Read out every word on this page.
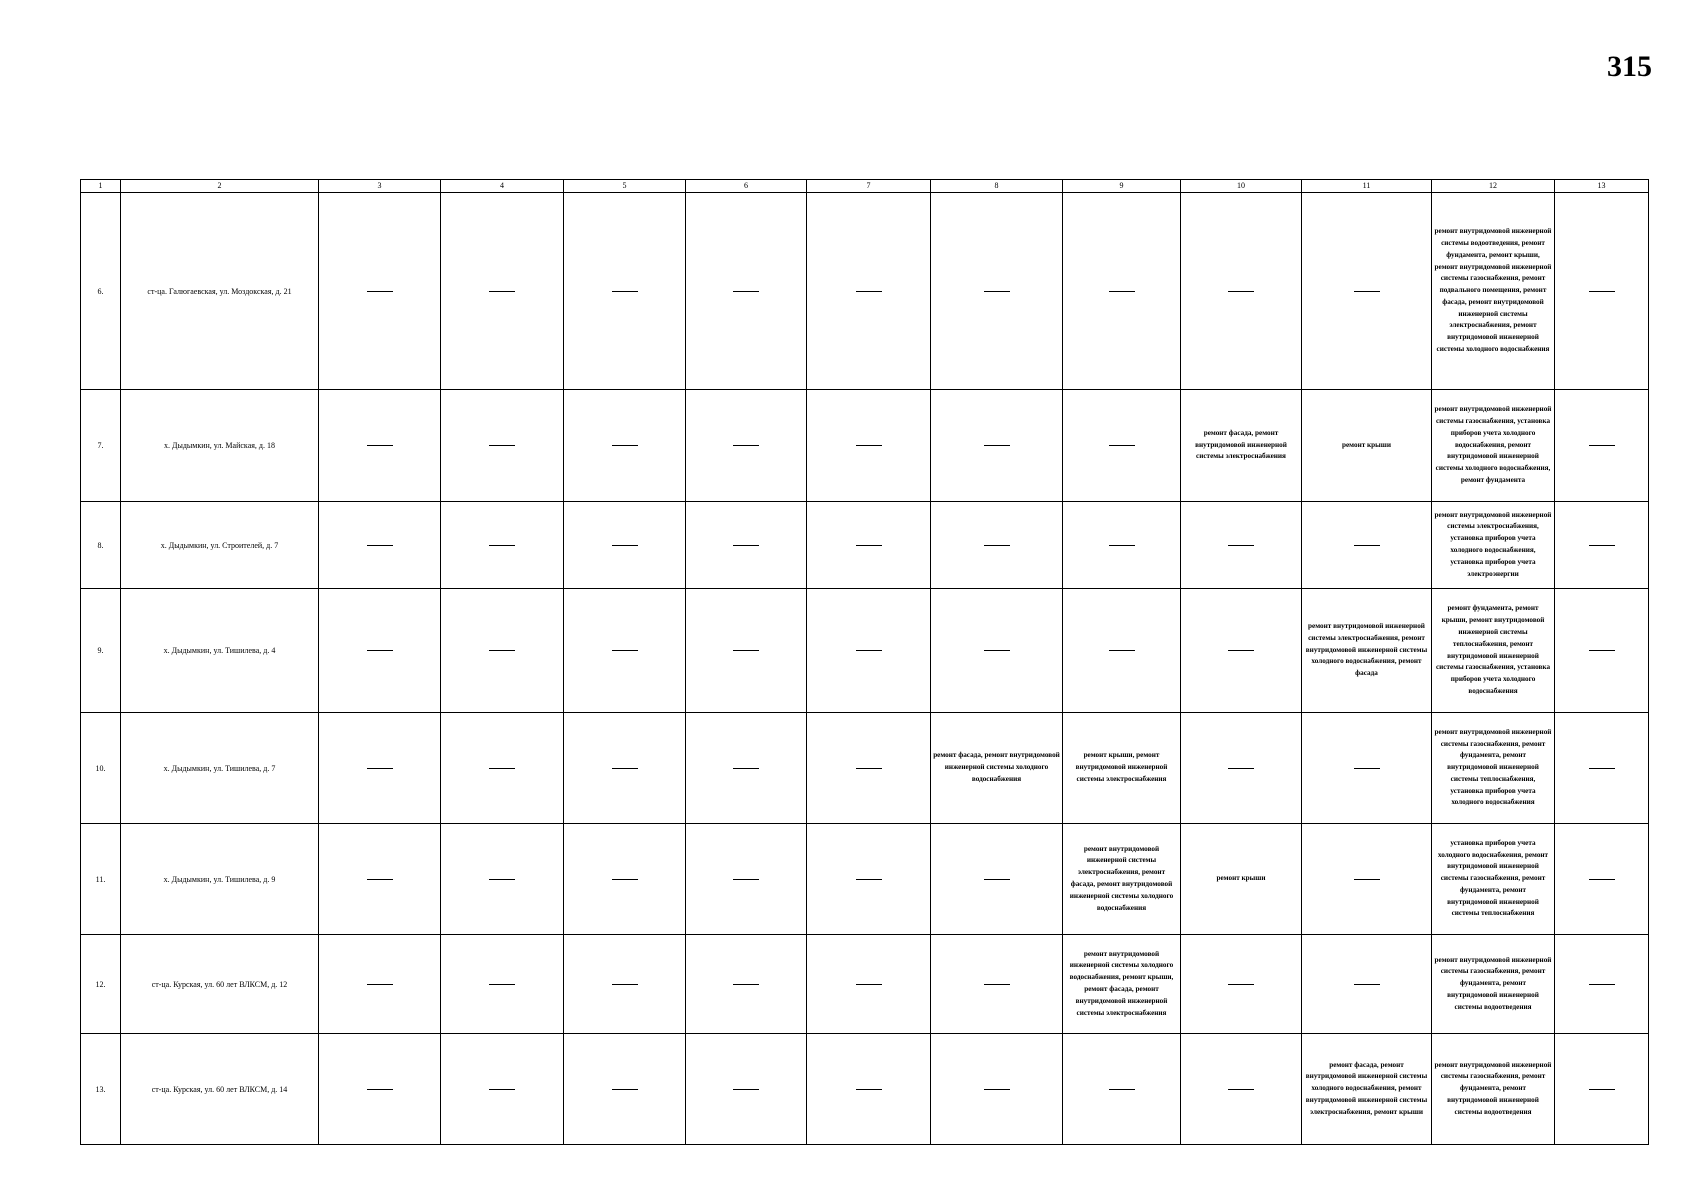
315
1	2	3	4	5	6	7	8	9	10	11	12	13
6.	ст-ца. Галюгаевская, ул. Моздокская, д. 21										ремонт внутридомовой инженерной системы водоотведения, ремонт фундамента, ремонт крыши, ремонт внутридомовой инженерной системы газоснабжения, ремонт подвального помещения, ремонт фасада, ремонт внутридомовой инженерной системы электроснабжения, ремонт внутридомовой инженерной системы холодного водоснабжения	
7.	х. Дыдымкин, ул. Майская, д. 18								ремонт фасада, ремонт внутридомовой инженерной системы электроснабжения	ремонт крыши	ремонт внутридомовой инженерной системы газоснабжения, установка приборов учета холодного водоснабжения, ремонт внутридомовой инженерной системы холодного водоснабжения, ремонт фундамента	
8.	х. Дыдымкин, ул. Строителей, д. 7										ремонт внутридомовой инженерной системы электроснабжения, установка приборов учета холодного водоснабжения, установка приборов учета электроэнергии	
9.	х. Дыдымкин, ул. Тишилева, д. 4									ремонт внутридомовой инженерной системы электроснабжения, ремонт внутридомовой инженерной системы холодного водоснабжения, ремонт фасада	ремонт фундамента, ремонт крыши, ремонт внутридомовой инженерной системы теплоснабжения, ремонт внутридомовой инженерной системы газоснабжения, установка приборов учета холодного водоснабжения	
10.	х. Дыдымкин, ул. Тишилева, д. 7						ремонт фасада, ремонт внутридомовой инженерной системы холодного водоснабжения	ремонт крыши, ремонт внутридомовой инженерной системы электроснабжения			ремонт внутридомовой инженерной системы газоснабжения, ремонт фундамента, ремонт внутридомовой инженерной системы теплоснабжения, установка приборов учета холодного водоснабжения	
11.	х. Дыдымкин, ул. Тишилева, д. 9							ремонт внутридомовой инженерной системы электроснабжения, ремонт фасада, ремонт внутридомовой инженерной системы холодного водоснабжения	ремонт крыши		установка приборов учета холодного водоснабжения, ремонт внутридомовой инженерной системы газоснабжения, ремонт фундамента, ремонт внутридомовой инженерной системы теплоснабжения	
12.	ст-ца. Курская, ул. 60 лет ВЛКСМ, д. 12							ремонт внутридомовой инженерной системы холодного водоснабжения, ремонт крыши, ремонт фасада, ремонт внутридомовой инженерной системы электроснабжения			ремонт внутридомовой инженерной системы газоснабжения, ремонт фундамента, ремонт внутридомовой инженерной системы водоотведения	
13.	ст-ца. Курская, ул. 60 лет ВЛКСМ, д. 14									ремонт фасада, ремонт внутридомовой инженерной системы холодного водоснабжения, ремонт внутридомовой инженерной системы электроснабжения, ремонт крыши	ремонт внутридомовой инженерной системы газоснабжения, ремонт фундамента, ремонт внутридомовой инженерной системы водоотведения	
